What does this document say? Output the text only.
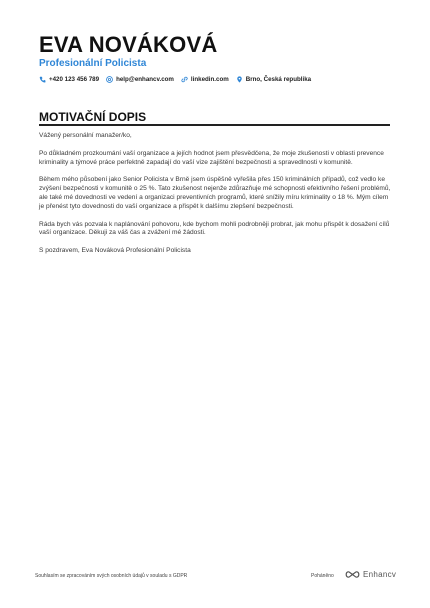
EVA NOVÁKOVÁ
Profesionální Policista
+420 123 456 789	help@enhancv.com	linkedin.com	Brno, Česká republika
MOTIVAČNÍ DOPIS

Vážený personální manažer/ko,

Po důkladném prozkoumání vaší organizace a jejích hodnot jsem přesvědčena, že moje zkušenosti v oblasti prevence kriminality a týmové práce perfektně zapadají do vaší vize zajištění bezpečnosti a spravedlnosti v komunitě.

Během mého působení jako Senior Policista v Brně jsem úspěšně vyřešila přes 150 kriminálních případů, což vedlo ke zvýšení bezpečnosti v komunitě o 25 %. Tato zkušenost nejenže zdůrazňuje mé schopnosti efektivního řešení problémů, ale také mé dovednosti ve vedení a organizaci preventivních programů, které snížily míru kriminality o 18 %. Mým cílem je přenést tyto dovednosti do vaší organizace a přispět k dalšímu zlepšení bezpečnosti.

Ráda bych vás pozvala k naplánování pohovoru, kde bychom mohli podrobněji probrat, jak mohu přispět k dosažení cílů vaší organizace. Děkuji za váš čas a zvážení mé žádosti.

S pozdravem, Eva Nováková Profesionální Policista

Souhlasím se zpracováním svých osobních údajů v souladu s GDPR	Poháněno	Enhancv
